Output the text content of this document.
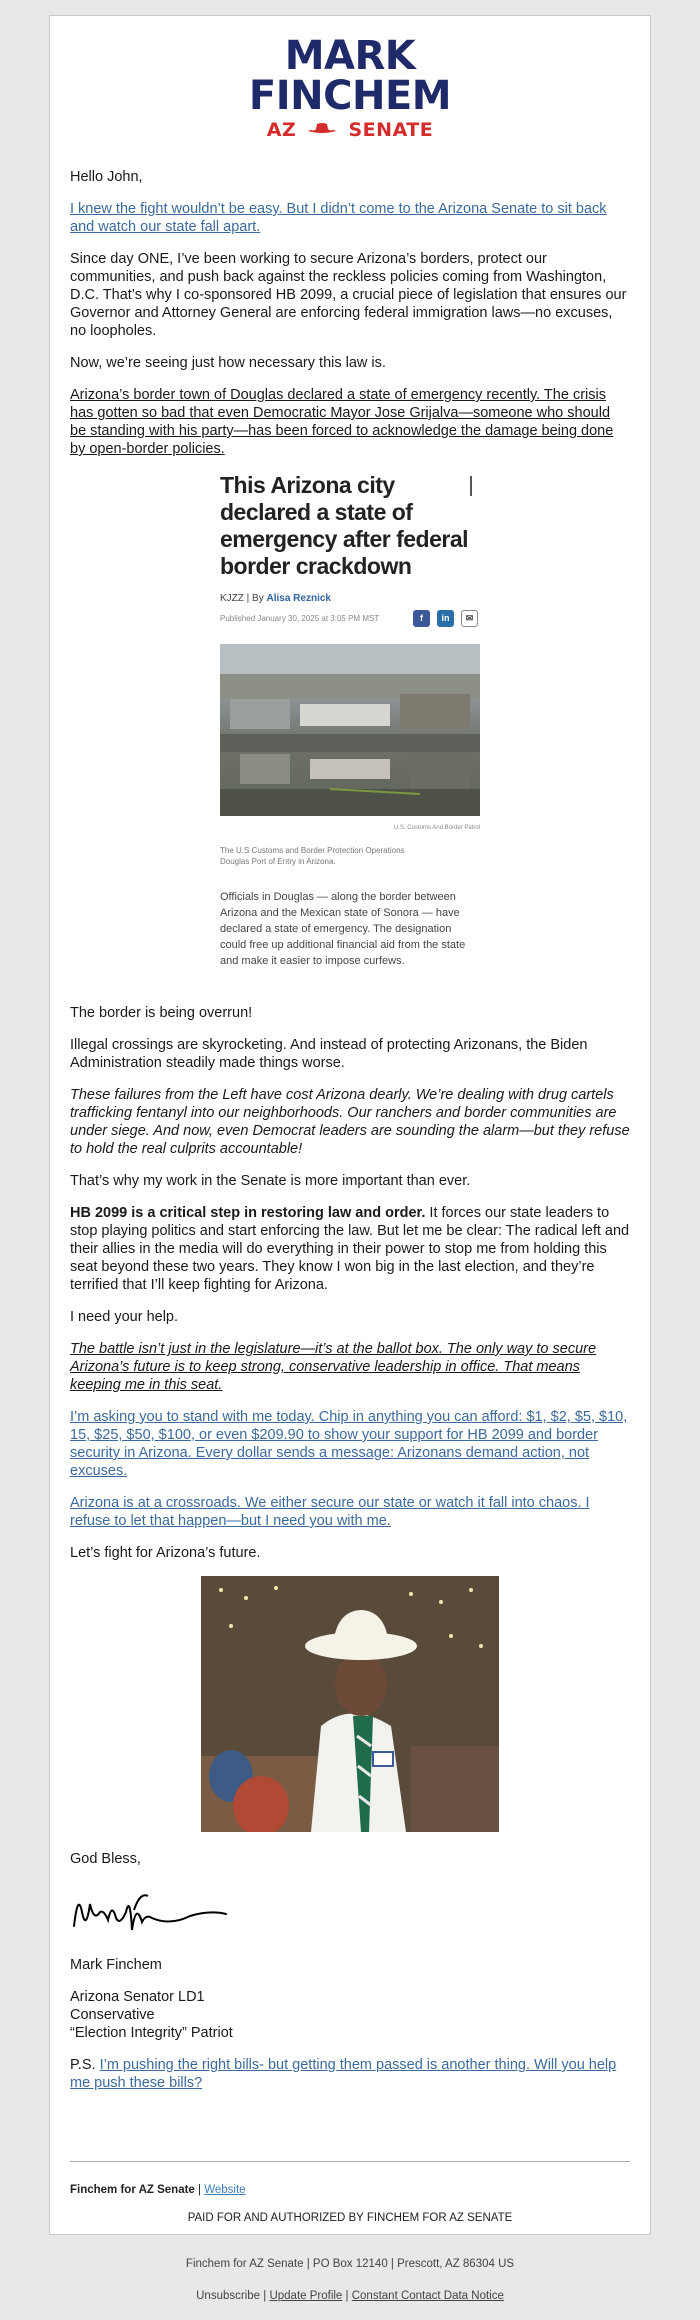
MARK
FINCHEM
AZ	SENATE

Hello John,

I knew the fight wouldn’t be easy. But I didn’t come to the Arizona Senate to sit back and watch our state fall apart.

Since day ONE, I’ve been working to secure Arizona’s borders, protect our communities, and push back against the reckless policies coming from Washington, D.C. That’s why I co-sponsored HB 2099, a crucial piece of legislation that ensures our Governor and Attorney General are enforcing federal immigration laws—no excuses, no loopholes.

Now, we’re seeing just how necessary this law is.

Arizona’s border town of Douglas declared a state of emergency recently. The crisis has gotten so bad that even Democratic Mayor Jose Grijalva—someone who should be standing with his party—has been forced to acknowledge the damage being done by open-border policies.

This Arizona city declared a state of emergency after federal border crackdown
KJZZ | By Alisa Reznick
Published January 30, 2025 at 3:05 PM MST	f in ✉
U.S. Customs And Border Patrol
The U.S Customs and Border Protection Operations Douglas Port of Entry in Arizona.
Officials in Douglas — along the border between Arizona and the Mexican state of Sonora — have declared a state of emergency. The designation could free up additional financial aid from the state and make it easier to impose curfews.

The border is being overrun!

Illegal crossings are skyrocketing. And instead of protecting Arizonans, the Biden Administration steadily made things worse.

These failures from the Left have cost Arizona dearly. We’re dealing with drug cartels trafficking fentanyl into our neighborhoods. Our ranchers and border communities are under siege. And now, even Democrat leaders are sounding the alarm—but they refuse to hold the real culprits accountable!

That’s why my work in the Senate is more important than ever.

HB 2099 is a critical step in restoring law and order. It forces our state leaders to stop playing politics and start enforcing the law. But let me be clear: The radical left and their allies in the media will do everything in their power to stop me from holding this seat beyond these two years. They know I won big in the last election, and they’re terrified that I’ll keep fighting for Arizona.

I need your help.

The battle isn’t just in the legislature—it’s at the ballot box. The only way to secure Arizona’s future is to keep strong, conservative leadership in office. That means keeping me in this seat.

I’m asking you to stand with me today. Chip in anything you can afford: $1, $2, $5, $10, 15, $25, $50, $100, or even $209.90 to show your support for HB 2099 and border security in Arizona. Every dollar sends a message: Arizonans demand action, not excuses.

Arizona is at a crossroads. We either secure our state or watch it fall into chaos. I refuse to let that happen—but I need you with me.

Let’s fight for Arizona’s future.

God Bless,

Mark Finchem

Arizona Senator LD1
Conservative
“Election Integrity” Patriot

P.S. I’m pushing the right bills- but getting them passed is another thing. Will you help me push these bills?

Finchem for AZ Senate | Website
PAID FOR AND AUTHORIZED BY FINCHEM FOR AZ SENATE
Finchem for AZ Senate | PO Box 12140 | Prescott, AZ 86304 US
Unsubscribe | Update Profile | Constant Contact Data Notice
